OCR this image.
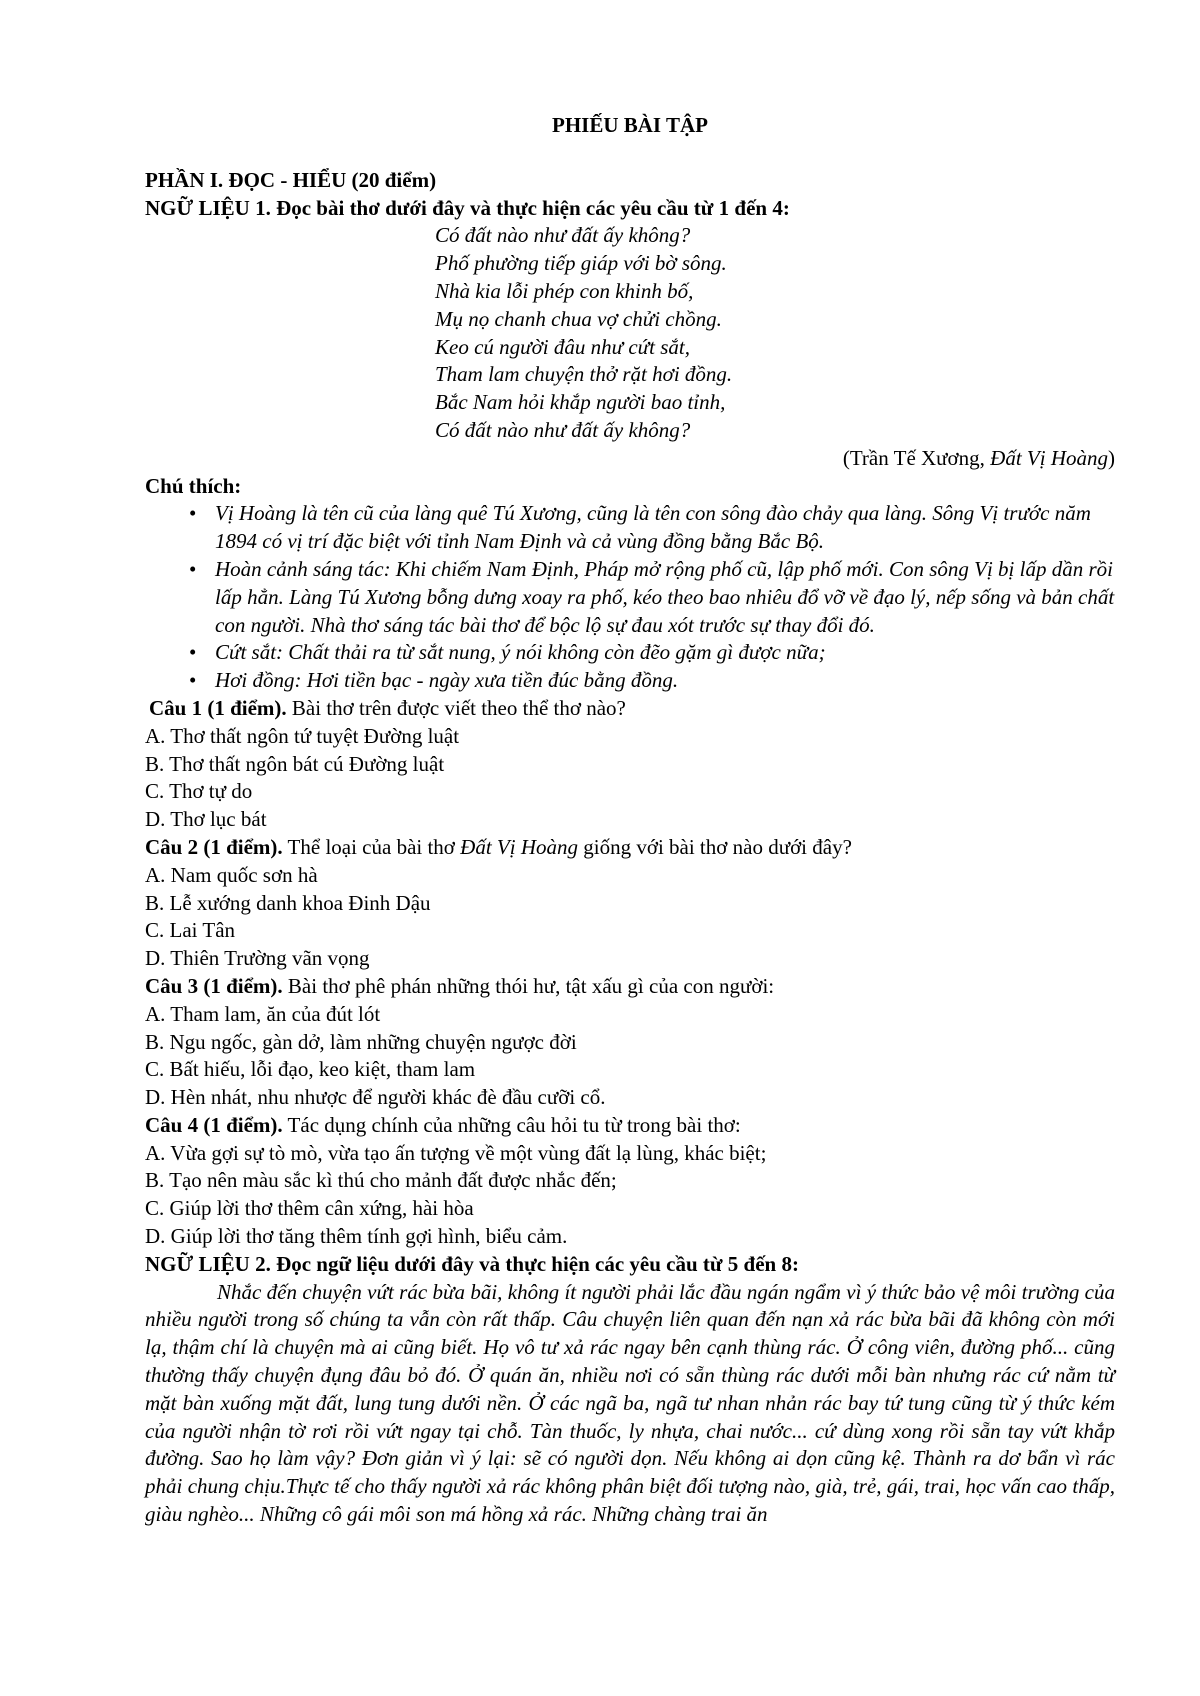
PHIẾU BÀI TẬP
PHẦN I. ĐỌC - HIỂU (20 điểm)
NGỮ LIỆU 1. Đọc bài thơ dưới đây và thực hiện các yêu cầu từ 1 đến 4:
Có đất nào như đất ấy không?
Phố phường tiếp giáp với bờ sông.
Nhà kia lỗi phép con khinh bố,
Mụ nọ chanh chua vợ chửi chồng.
Keo cú người đâu như cứt sắt,
Tham lam chuyện thở rặt hơi đồng.
Bắc Nam hỏi khắp người bao tỉnh,
Có đất nào như đất ấy không?
(Trần Tế Xương, Đất Vị Hoàng)
Chú thích:
• Vị Hoàng là tên cũ của làng quê Tú Xương, cũng là tên con sông đào chảy qua làng. Sông Vị trước năm 1894 có vị trí đặc biệt với tỉnh Nam Định và cả vùng đồng bằng Bắc Bộ.
• Hoàn cảnh sáng tác: Khi chiếm Nam Định, Pháp mở rộng phố cũ, lập phố mới. Con sông Vị bị lấp dần rồi lấp hẳn. Làng Tú Xương bỗng dưng xoay ra phố, kéo theo bao nhiêu đổ vỡ về đạo lý, nếp sống và bản chất con người. Nhà thơ sáng tác bài thơ để bộc lộ sự đau xót trước sự thay đổi đó.
• Cứt sắt: Chất thải ra từ sắt nung, ý nói không còn đẽo gặm gì được nữa;
• Hơi đồng: Hơi tiền bạc - ngày xưa tiền đúc bằng đồng.
Câu 1 (1 điểm). Bài thơ trên được viết theo thể thơ nào?
A. Thơ thất ngôn tứ tuyệt Đường luật
B. Thơ thất ngôn bát cú Đường luật
C. Thơ tự do
D. Thơ lục bát
Câu 2 (1 điểm). Thể loại của bài thơ Đất Vị Hoàng giống với bài thơ nào dưới đây?
A. Nam quốc sơn hà
B. Lễ xướng danh khoa Đinh Dậu
C. Lai Tân
D. Thiên Trường vãn vọng
Câu 3 (1 điểm). Bài thơ phê phán những thói hư, tật xấu gì của con người:
A. Tham lam, ăn của đút lót
B. Ngu ngốc, gàn dở, làm những chuyện ngược đời
C. Bất hiếu, lỗi đạo, keo kiệt, tham lam
D. Hèn nhát, nhu nhược để người khác đè đầu cưỡi cổ.
Câu 4 (1 điểm). Tác dụng chính của những câu hỏi tu từ trong bài thơ:
A. Vừa gợi sự tò mò, vừa tạo ấn tượng về một vùng đất lạ lùng, khác biệt;
B. Tạo nên màu sắc kì thú cho mảnh đất được nhắc đến;
C. Giúp lời thơ thêm cân xứng, hài hòa
D. Giúp lời thơ tăng thêm tính gợi hình, biểu cảm.
NGỮ LIỆU 2. Đọc ngữ liệu dưới đây và thực hiện các yêu cầu từ 5 đến 8:
Nhắc đến chuyện vứt rác bừa bãi, không ít người phải lắc đầu ngán ngẩm vì ý thức bảo vệ môi trường của nhiều người trong số chúng ta vẫn còn rất thấp. Câu chuyện liên quan đến nạn xả rác bừa bãi đã không còn mới lạ, thậm chí là chuyện mà ai cũng biết. Họ vô tư xả rác ngay bên cạnh thùng rác. Ở công viên, đường phố... cũng thường thấy chuyện đụng đâu bỏ đó. Ở quán ăn, nhiều nơi có sẵn thùng rác dưới mỗi bàn nhưng rác cứ nằm từ mặt bàn xuống mặt đất, lung tung dưới nền. Ở các ngã ba, ngã tư nhan nhản rác bay tứ tung cũng từ ý thức kém của người nhận tờ rơi rồi vứt ngay tại chỗ. Tàn thuốc, ly nhựa, chai nước... cứ dùng xong rồi sẵn tay vứt khắp đường. Sao họ làm vậy? Đơn giản vì ý lại: sẽ có người dọn. Nếu không ai dọn cũng kệ. Thành ra dơ bẩn vì rác phải chung chịu.Thực tế cho thấy người xả rác không phân biệt đối tượng nào, già, trẻ, gái, trai, học vấn cao thấp, giàu nghèo... Những cô gái môi son má hồng xả rác. Những chàng trai ăn
